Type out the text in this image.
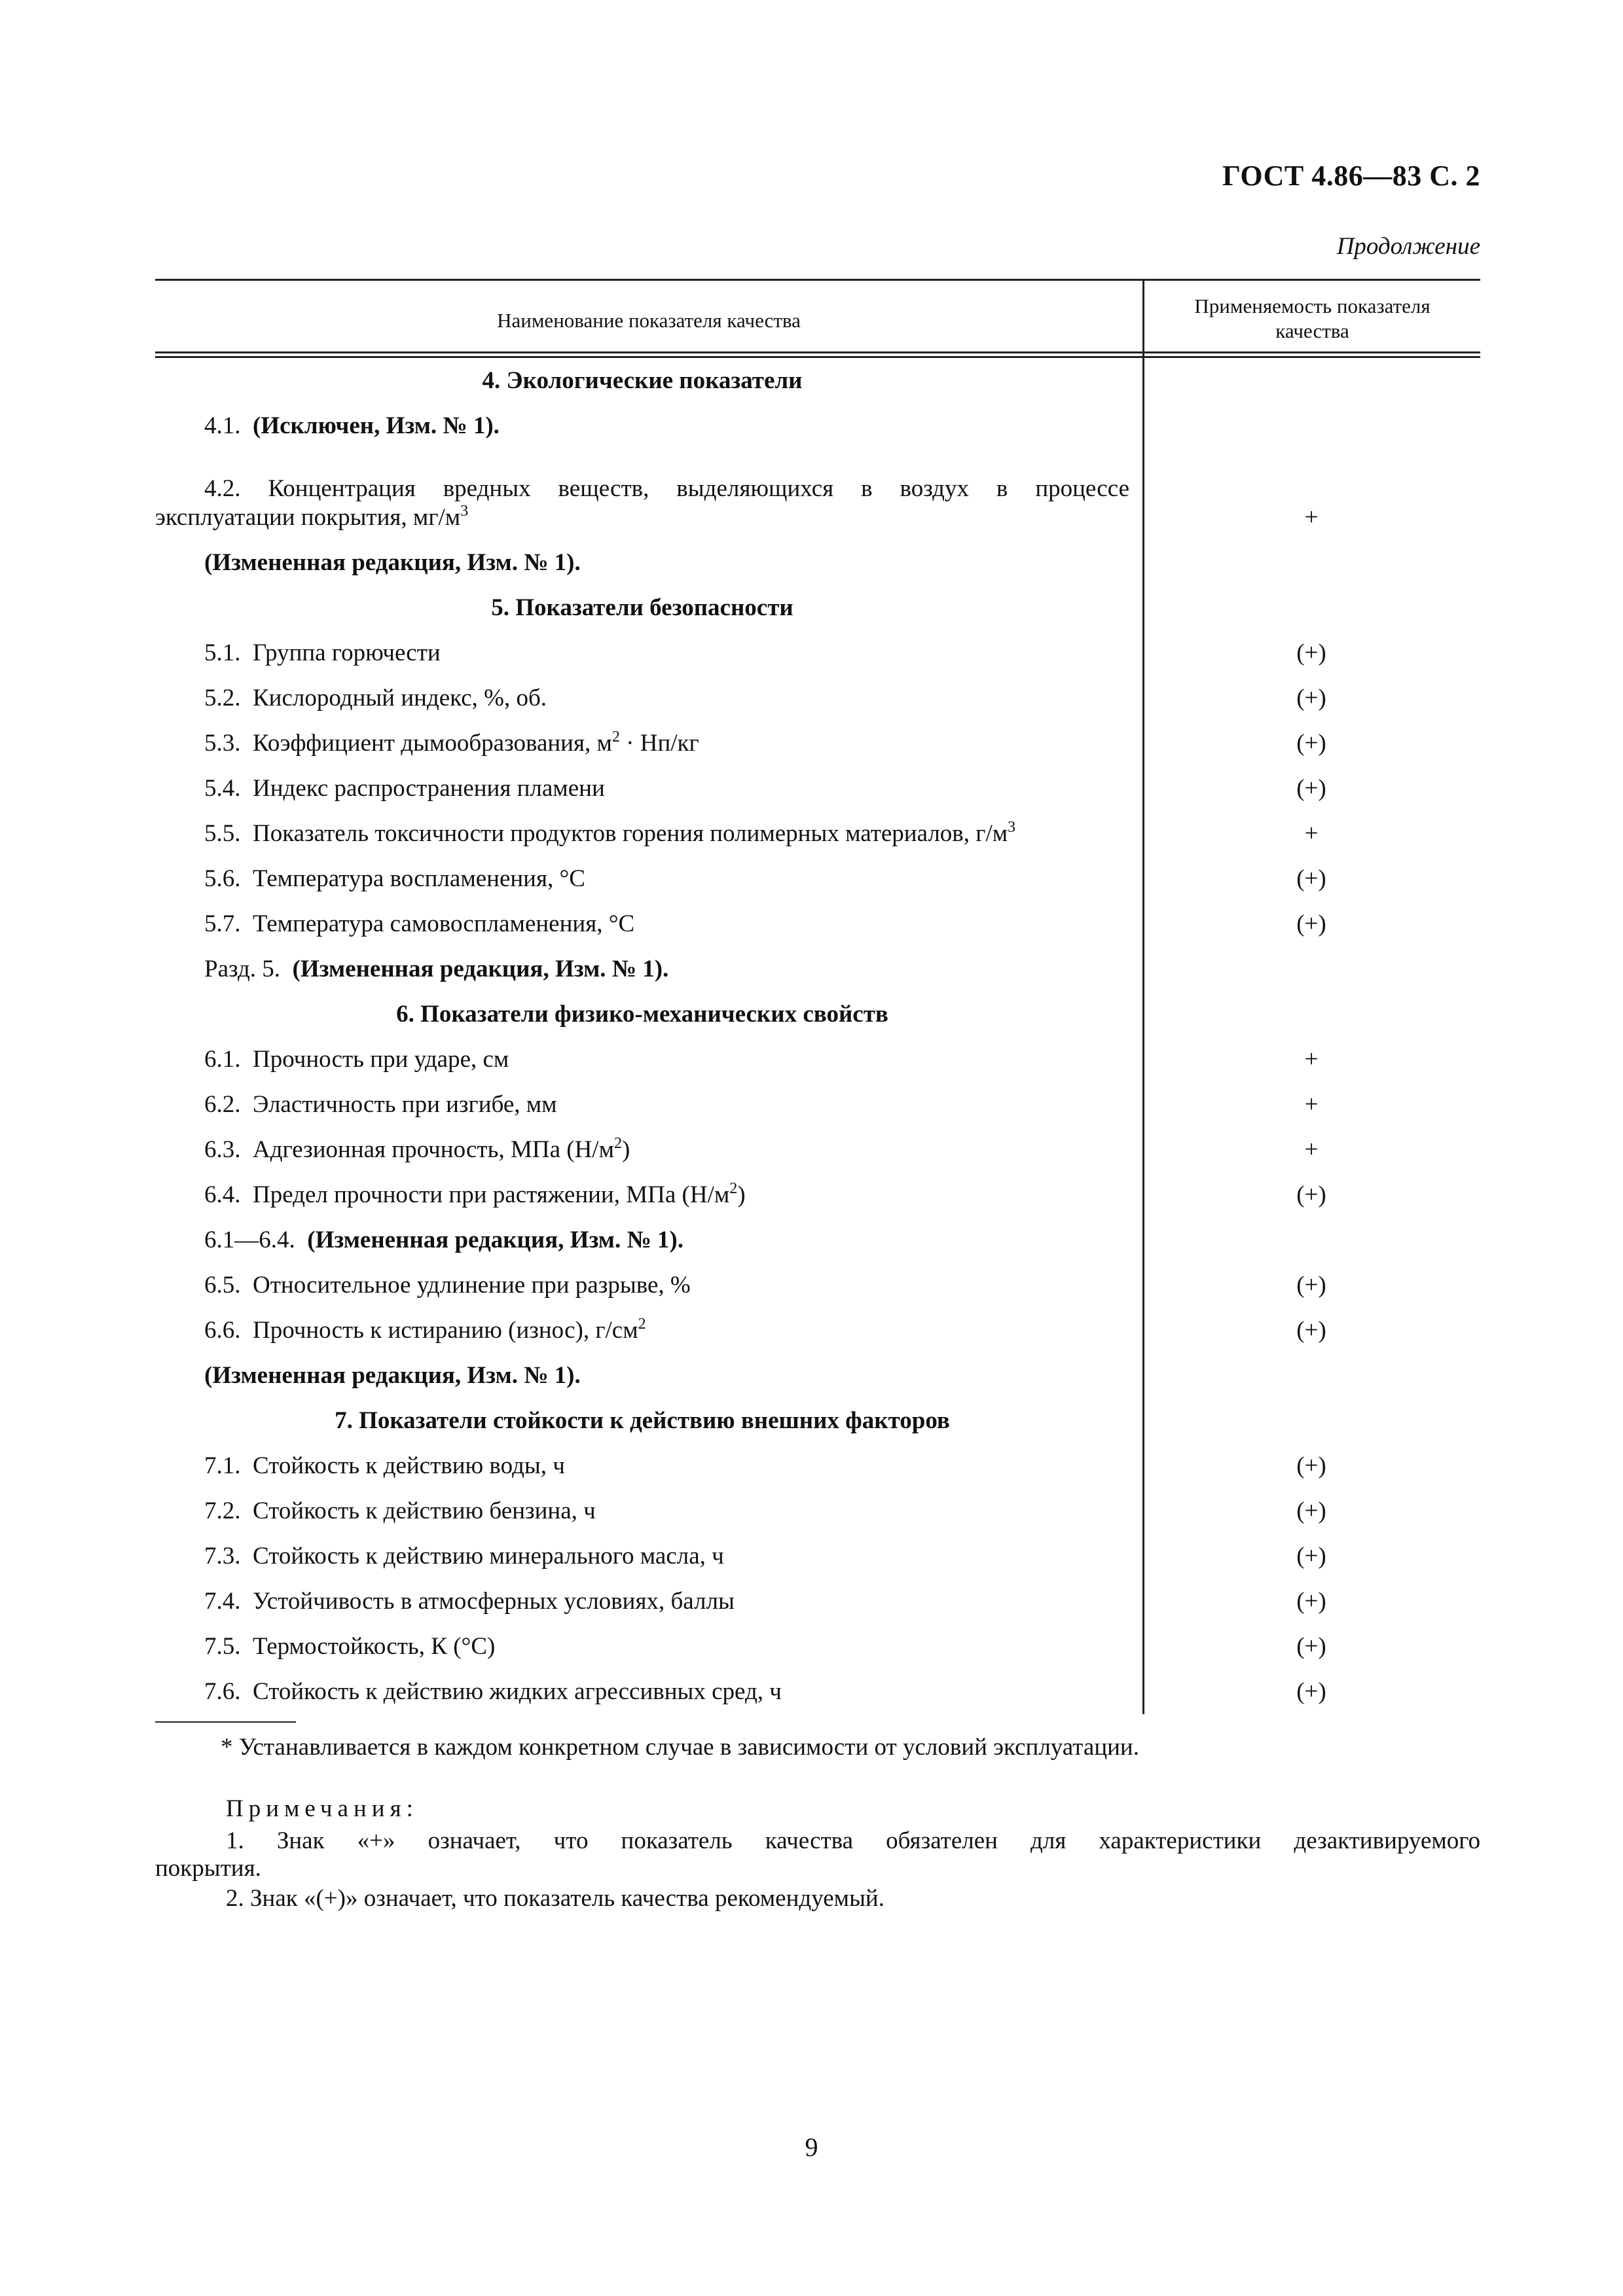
ГОСТ 4.86—83 С. 2
Продолжение
Наименование показателя качества
Применяемость показателя
качества
4. Экологические показатели
4.1. (Исключен, Изм. № 1).
4.2. Концентрация вредных веществ, выделяющихся в воздух в процессе
эксплуатации покрытия, $мг/м^3$	+
(Измененная редакция, Изм. № 1).
5. Показатели безопасности
5.1. Группа горючести	(+)
5.2. Кислородный индекс, %, об.	(+)
5.3. Коэффициент дымообразования, $м^2 \cdot Нп/кг$	(+)
5.4. Индекс распространения пламени	(+)
5.5. Показатель токсичности продуктов горения полимерных материалов, $г/м^3$	+
5.6. Температура воспламенения, °С	(+)
5.7. Температура самовоспламенения, °С	(+)
Разд. 5. (Измененная редакция, Изм. № 1).
6. Показатели физико-механических свойств
6.1. Прочность при ударе, см	+
6.2. Эластичность при изгибе, мм	+
6.3. Адгезионная прочность, МПа $(Н/м^2)$	+
6.4. Предел прочности при растяжении, МПа $(Н/м^2)$	(+)
6.1—6.4. (Измененная редакция, Изм. № 1).
6.5. Относительное удлинение при разрыве, %	(+)
6.6. Прочность к истиранию (износ), $г/см^2$	(+)
(Измененная редакция, Изм. № 1).
7. Показатели стойкости к действию внешних факторов
7.1. Стойкость к действию воды, ч	(+)
7.2. Стойкость к действию бензина, ч	(+)
7.3. Стойкость к действию минерального масла, ч	(+)
7.4. Устойчивость в атмосферных условиях, баллы	(+)
7.5. Термостойкость, К (°С)	(+)
7.6. Стойкость к действию жидких агрессивных сред, ч	(+)
* Устанавливается в каждом конкретном случае в зависимости от условий эксплуатации.
Примечания:
1. Знак «+» означает, что показатель качества обязателен для характеристики дезактивируемого
покрытия.
2. Знак «(+)» означает, что показатель качества рекомендуемый.
9
